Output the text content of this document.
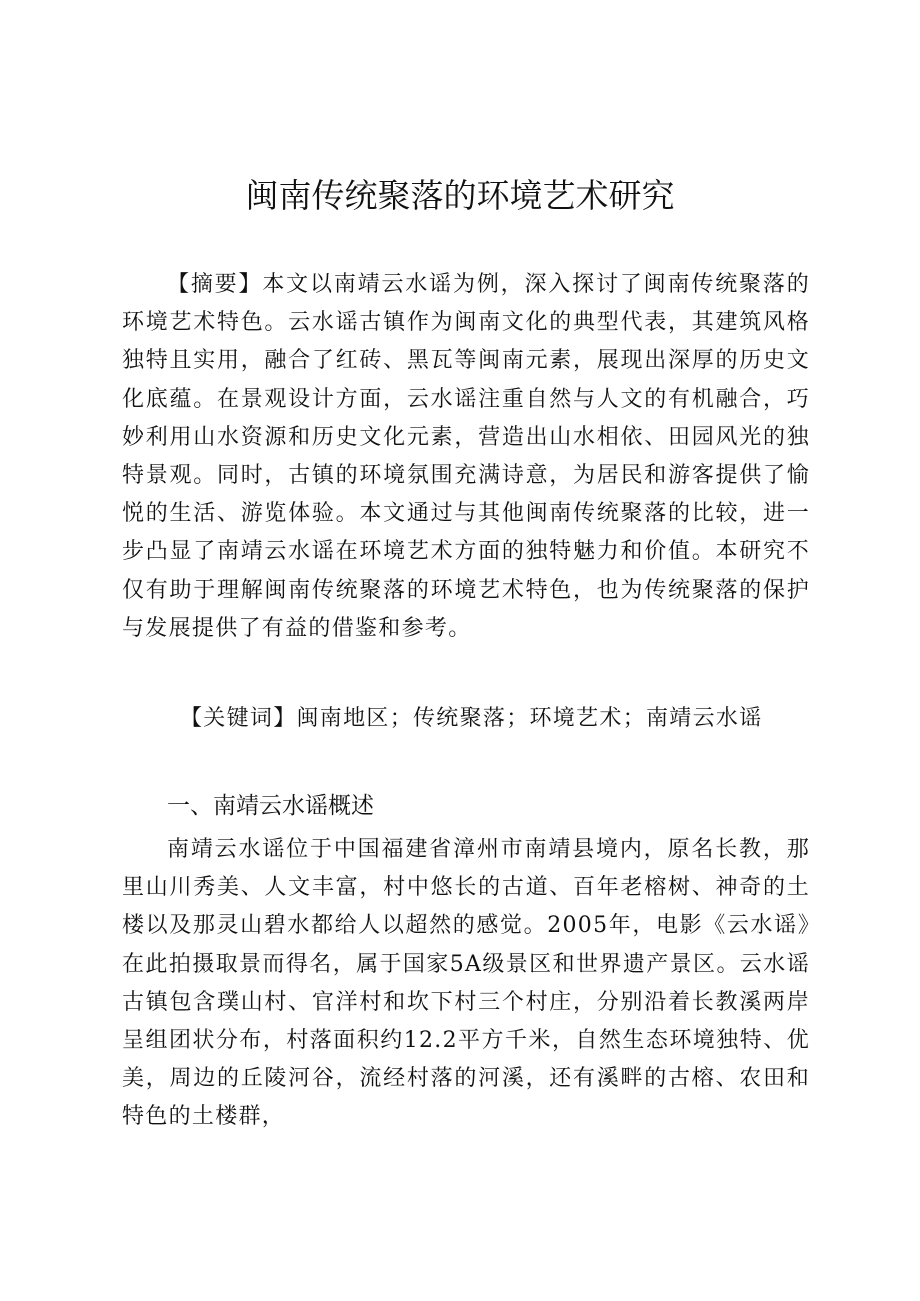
闽南传统聚落的环境艺术研究

【摘要】本文以南靖云水谣为例，深入探讨了闽南传统聚落的环境艺术特色。云水谣古镇作为闽南文化的典型代表，其建筑风格独特且实用，融合了红砖、黑瓦等闽南元素，展现出深厚的历史文化底蕴。在景观设计方面，云水谣注重自然与人文的有机融合，巧妙利用山水资源和历史文化元素，营造出山水相依、田园风光的独特景观。同时，古镇的环境氛围充满诗意，为居民和游客提供了愉悦的生活、游览体验。本文通过与其他闽南传统聚落的比较，进一步凸显了南靖云水谣在环境艺术方面的独特魅力和价值。本研究不仅有助于理解闽南传统聚落的环境艺术特色，也为传统聚落的保护与发展提供了有益的借鉴和参考。

【关键词】闽南地区；传统聚落；环境艺术；南靖云水谣

一、南靖云水谣概述

南靖云水谣位于中国福建省漳州市南靖县境内，原名长教，那里山川秀美、人文丰富，村中悠长的古道、百年老榕树、神奇的土楼以及那灵山碧水都给人以超然的感觉。2005年，电影《云水谣》在此拍摄取景而得名，属于国家5A级景区和世界遗产景区。云水谣古镇包含璞山村、官洋村和坎下村三个村庄，分别沿着长教溪两岸呈组团状分布，村落面积约12.2平方千米，自然生态环境独特、优美，周边的丘陵河谷，流经村落的河溪，还有溪畔的古榕、农田和特色的土楼群，
